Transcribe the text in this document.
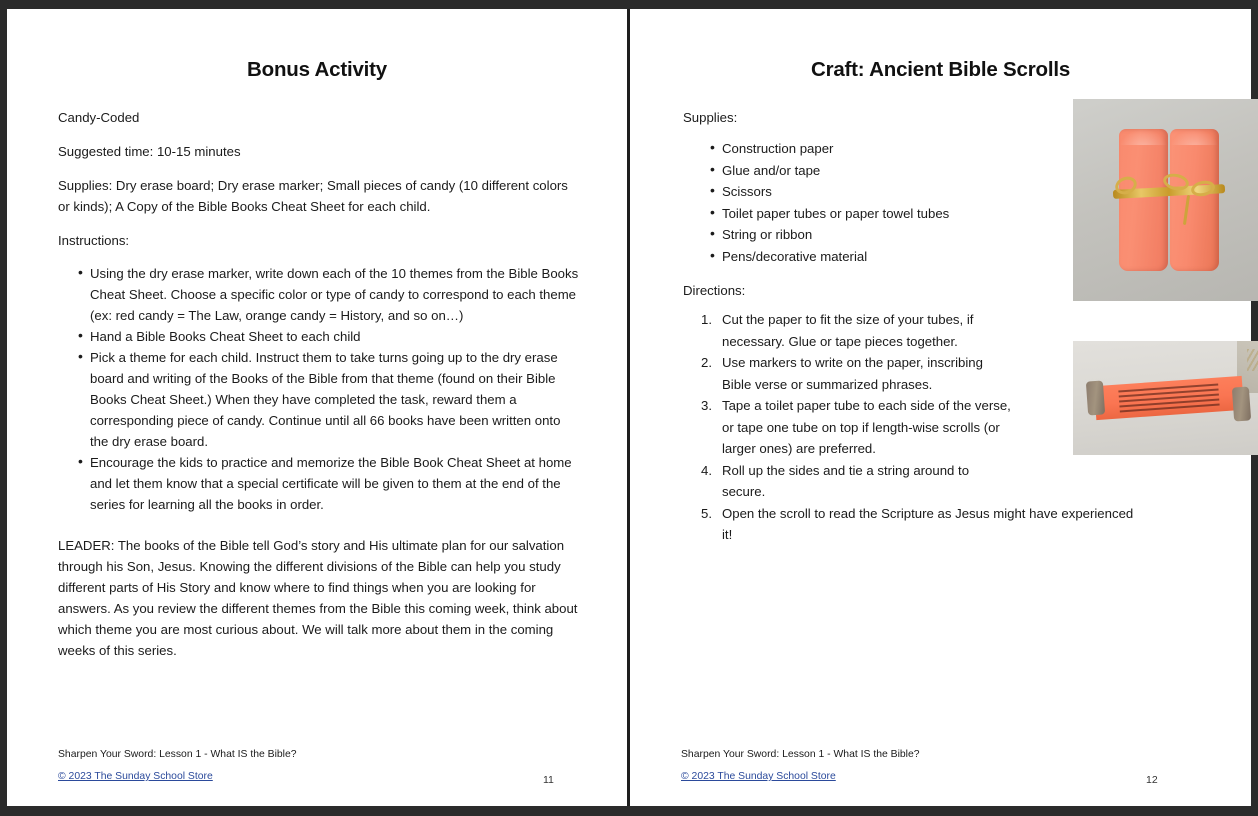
Bonus Activity

Candy-Coded

Suggested time: 10-15 minutes

Supplies: Dry erase board; Dry erase marker; Small pieces of candy (10 different colors or kinds); A Copy of the Bible Books Cheat Sheet for each child.

Instructions:

• Using the dry erase marker, write down each of the 10 themes from the Bible Books Cheat Sheet. Choose a specific color or type of candy to correspond to each theme (ex: red candy = The Law, orange candy = History, and so on…)
• Hand a Bible Books Cheat Sheet to each child
• Pick a theme for each child. Instruct them to take turns going up to the dry erase board and writing of the Books of the Bible from that theme (found on their Bible Books Cheat Sheet.) When they have completed the task, reward them a corresponding piece of candy. Continue until all 66 books have been written onto the dry erase board.
• Encourage the kids to practice and memorize the Bible Book Cheat Sheet at home and let them know that a special certificate will be given to them at the end of the series for learning all the books in order.

LEADER: The books of the Bible tell God’s story and His ultimate plan for our salvation through his Son, Jesus. Knowing the different divisions of the Bible can help you study different parts of His Story and know where to find things when you are looking for answers. As you review the different themes from the Bible this coming week, think about which theme you are most curious about. We will talk more about them in the coming weeks of this series.

Sharpen Your Sword: Lesson 1 - What IS the Bible?
© 2023 The Sunday School Store	11
Craft: Ancient Bible Scrolls

Supplies:

• Construction paper
• Glue and/or tape
• Scissors
• Toilet paper tubes or paper towel tubes
• String or ribbon
• Pens/decorative material

Directions:

Cut the paper to fit the size of your tubes, if necessary. Glue or tape pieces together.
Use markers to write on the paper, inscribing Bible verse or summarized phrases.
Tape a toilet paper tube to each side of the verse, or tape one tube on top if length-wise scrolls (or larger ones) are preferred.
Roll up the sides and tie a string around to secure.
Open the scroll to read the Scripture as Jesus might have experienced it!
Sharpen Your Sword: Lesson 1 - What IS the Bible?
© 2023 The Sunday School Store	12
